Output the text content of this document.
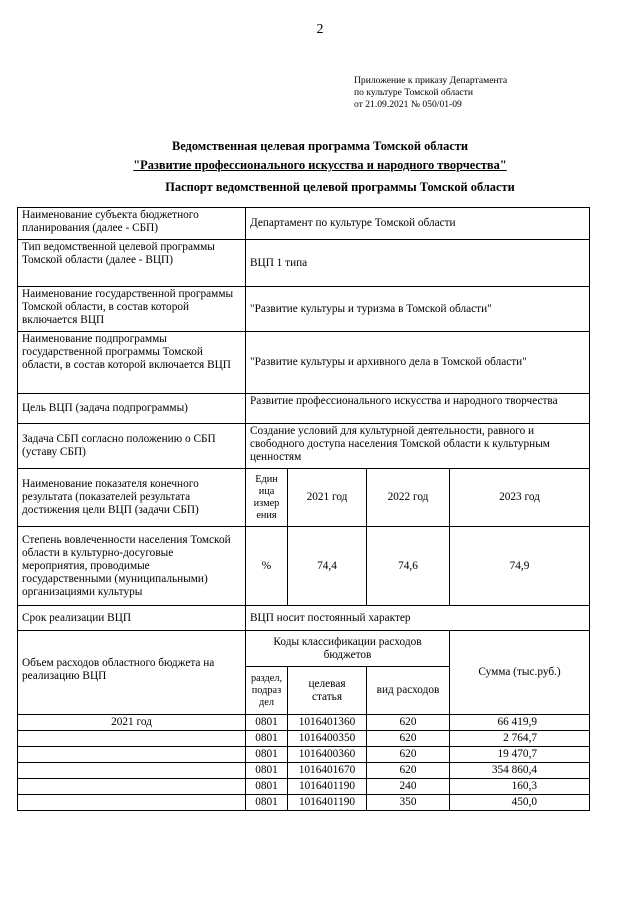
2
Приложение к приказу Департамента
по культуре Томской области
от 21.09.2021 № 050/01-09
Ведомственная целевая программа Томской области
"Развитие профессионального искусства и народного творчества"
Паспорт ведомственной целевой программы Томской области
Наименование субъекта бюджетного планирования (далее - СБП)	Департамент по культуре Томской области			
Тип ведомственной целевой программы Томской области (далее - ВЦП)	ВЦП 1 типа			
Наименование государственной программы Томской области, в состав которой включается ВЦП	"Развитие культуры и туризма в Томской области"			
Наименование подпрограммы государственной программы Томской области, в состав которой включается ВЦП	"Развитие культуры и архивного дела в Томской области"			
Цель ВЦП (задача подпрограммы)	Развитие профессионального искусства и народного творчества			
Задача СБП согласно положению о СБП (уставу СБП)	Создание условий для культурной деятельности, равного и свободного доступа населения Томской области к культурным ценностям			
Наименование показателя конечного результата (показателей результата достижения цели ВЦП (задачи СБП)	Един ица измер ения	2021 год	2022 год	2023 год
Степень вовлеченности населения Томской области в культурно-досуговые мероприятия, проводимые государственными (муниципальными) организациями культуры	%	74,4	74,6	74,9
Срок реализации ВЦП	ВЦП носит постоянный характер			
Объем расходов областного бюджета на реализацию ВЦП	Коды классификации расходов бюджетов			Сумма (тыс.руб.)
	раздел, подраз дел	целевая статья	вид расходов	
2021 год	0801	1016401360	620	66 419,9
	0801	1016400350	620	2 764,7
	0801	1016400360	620	19 470,7
	0801	1016401670	620	354 860,4
	0801	1016401190	240	160,3
	0801	1016401190	350	450,0
